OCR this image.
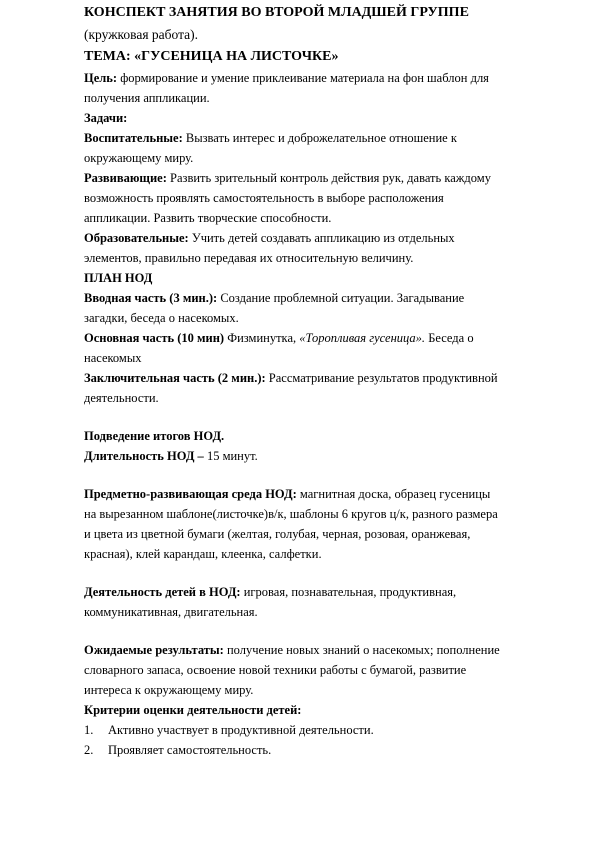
КОНСПЕКТ ЗАНЯТИЯ ВО ВТОРОЙ МЛАДШЕЙ ГРУППЕ

(кружковая работа).

ТЕМА: «ГУСЕНИЦА НА ЛИСТОЧКЕ»

Цель: формирование и умение приклеивание материала на фон шаблон для

получения аппликации.

Задачи:

Воспитательные: Вызвать интерес и доброжелательное отношение к

окружающему миру.

Развивающие: Развить зрительный контроль действия рук, давать каждому

возможность проявлять самостоятельность в выборе расположения

аппликации. Развить творческие способности.

Образовательные: Учить детей создавать аппликацию из отдельных

элементов, правильно передавая их относительную величину.

ПЛАН НОД

Вводная часть (3 мин.): Создание проблемной ситуации. Загадывание

загадки, беседа о насекомых.

Основная часть (10 мин) Физминутка, «Торопливая гусеница». Беседа о

насекомых

Заключительная часть (2 мин.): Рассматривание результатов продуктивной

деятельности.

Подведение итогов НОД.

Длительность НОД – 15 минут.

Предметно-развивающая среда НОД: магнитная доска, образец гусеницы

на вырезанном шаблоне(листочке)в/к, шаблоны 6 кругов ц/к, разного размера

и цвета из цветной бумаги (желтая, голубая, черная, розовая, оранжевая,

красная), клей карандаш, клеенка, салфетки.

Деятельность детей в НОД: игровая, познавательная, продуктивная,

коммуникативная, двигательная.

Ожидаемые результаты: получение новых знаний о насекомых; пополнение

словарного запаса, освоение новой техники работы с бумагой, развитие

интереса к окружающему миру.

Критерии оценки деятельности детей:

1. Активно участвует в продуктивной деятельности.
2. Проявляет самостоятельность.
